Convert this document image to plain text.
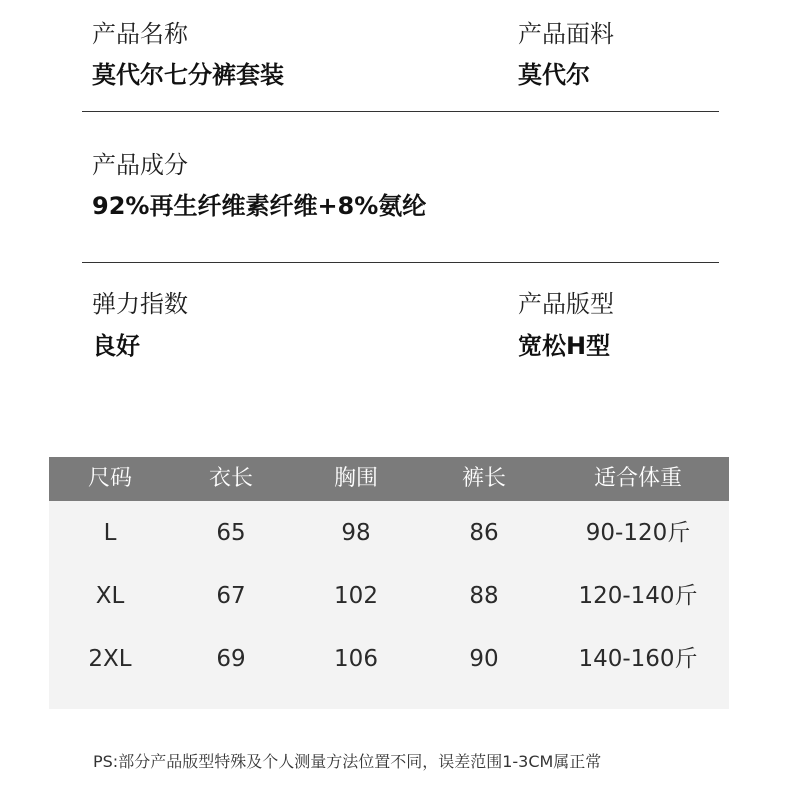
产品名称
莫代尔七分裤套装
产品面料
莫代尔
产品成分
92%再生纤维素纤维+8%氨纶
弹力指数
良好
产品版型
宽松H型
尺码	衣长	胸围	裤长	适合体重
L	65	98	86	90-120斤
XL	67	102	88	120-140斤
2XL	69	106	90	140-160斤
PS:部分产品版型特殊及个人测量方法位置不同，误差范围1-3CM属正常
